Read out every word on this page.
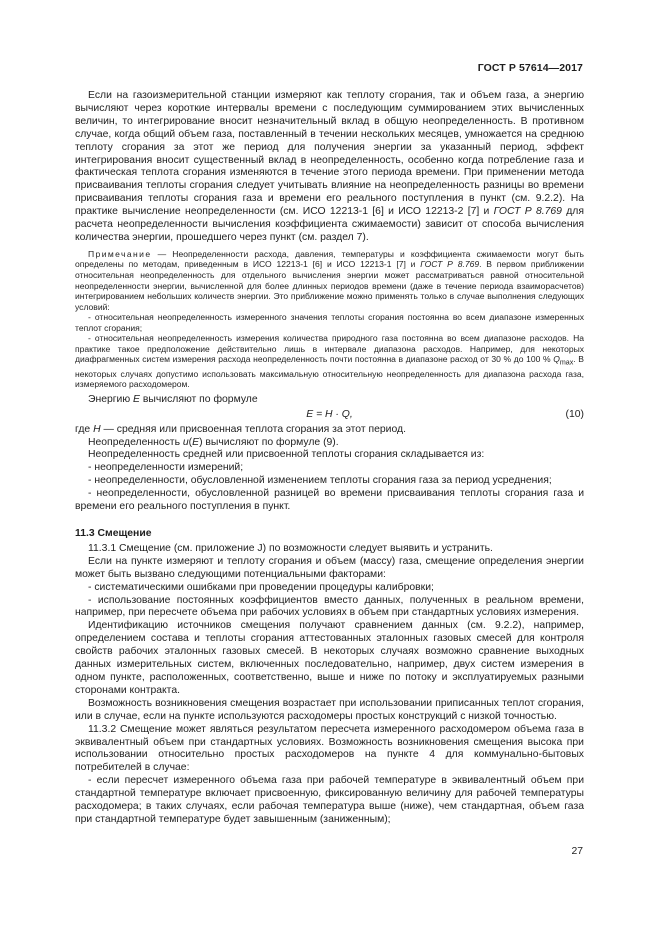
ГОСТ Р 57614—2017

Если на газоизмерительной станции измеряют как теплоту сгорания, так и объем газа, а энергию вычисляют через короткие интервалы времени с последующим суммированием этих вычисленных величин, то интегрирование вносит незначительный вклад в общую неопределенность. В противном случае, когда общий объем газа, поставленный в течении нескольких месяцев, умножается на среднюю теплоту сгорания за этот же период для получения энергии за указанный период, эффект интегрирования вносит существенный вклад в неопределенность, особенно когда потребление газа и фактическая теплота сгорания изменяются в течение этого периода времени. При применении метода присваивания теплоты сгорания следует учитывать влияние на неопределенность разницы во времени присваивания теплоты сгорания газа и времени его реального поступления в пункт (см. 9.2.2). На практике вычисление неопределенности (см. ИСО 12213-1 [6] и ИСО 12213-2 [7] и ГОСТ Р 8.769 для расчета неопределенности вычисления коэффициента сжимаемости) зависит от способа вычисления количества энергии, прошедшего через пункт (см. раздел 7).

Примечание — Неопределенности расхода, давления, температуры и коэффициента сжимаемости могут быть определены по методам, приведенным в ИСО 12213-1 [6] и ИСО 12213-1 [7] и ГОСТ Р 8.769. В первом приближении относительная неопределенность для отдельного вычисления энергии может рассматриваться равной относительной неопределенности энергии, вычисленной для более длинных периодов времени (даже в течение периода взаиморасчетов) интегрированием небольших количеств энергии. Это приближение можно применять только в случае выполнения следующих условий:

- относительная неопределенность измеренного значения теплоты сгорания постоянна во всем диапазоне измеренных теплот сгорания;

- относительная неопределенность измерения количества природного газа постоянна во всем диапазоне расходов. На практике такое предположение действительно лишь в интервале диапазона расходов. Например, для некоторых диафрагменных систем измерения расхода неопределенность почти постоянна в диапазоне расход от 30 % до 100 % $Q_{max}$. В некоторых случаях допустимо использовать максимальную относительную неопределенность для диапазона расхода газа, измеряемого расходомером.

Энергию E вычисляют по формуле

E = H · Q,	(10)

где H — средняя или присвоенная теплота сгорания за этот период.

Неопределенность u(E) вычисляют по формуле (9).

Неопределенность средней или присвоенной теплоты сгорания складывается из:

- неопределенности измерений;

- неопределенности, обусловленной изменением теплоты сгорания газа за период усреднения;

- неопределенности, обусловленной разницей во времени присваивания теплоты сгорания газа и времени его реального поступления в пункт.

11.3 Смещение

11.3.1 Смещение (см. приложение J) по возможности следует выявить и устранить.

Если на пункте измеряют и теплоту сгорания и объем (массу) газа, смещение определения энергии может быть вызвано следующими потенциальными факторами:

- систематическими ошибками при проведении процедуры калибровки;

- использование постоянных коэффициентов вместо данных, полученных в реальном времени, например, при пересчете объема при рабочих условиях в объем при стандартных условиях измерения.

Идентификацию источников смещения получают сравнением данных (см. 9.2.2), например, определением состава и теплоты сгорания аттестованных эталонных газовых смесей для контроля свойств рабочих эталонных газовых смесей. В некоторых случаях возможно сравнение выходных данных измерительных систем, включенных последовательно, например, двух систем измерения в одном пункте, расположенных, соответственно, выше и ниже по потоку и эксплуатируемых разными сторонами контракта.

Возможность возникновения смещения возрастает при использовании приписанных теплот сгорания, или в случае, если на пункте используются расходомеры простых конструкций с низкой точностью.

11.3.2 Смещение может являться результатом пересчета измеренного расходомером объема газа в эквивалентный объем при стандартных условиях. Возможность возникновения смещения высока при использовании относительно простых расходомеров на пункте 4 для коммунально-бытовых потребителей в случае:

- если пересчет измеренного объема газа при рабочей температуре в эквивалентный объем при стандартной температуре включает присвоенную, фиксированную величину для рабочей температуры расходомера; в таких случаях, если рабочая температура выше (ниже), чем стандартная, объем газа при стандартной температуре будет завышенным (заниженным);

27
